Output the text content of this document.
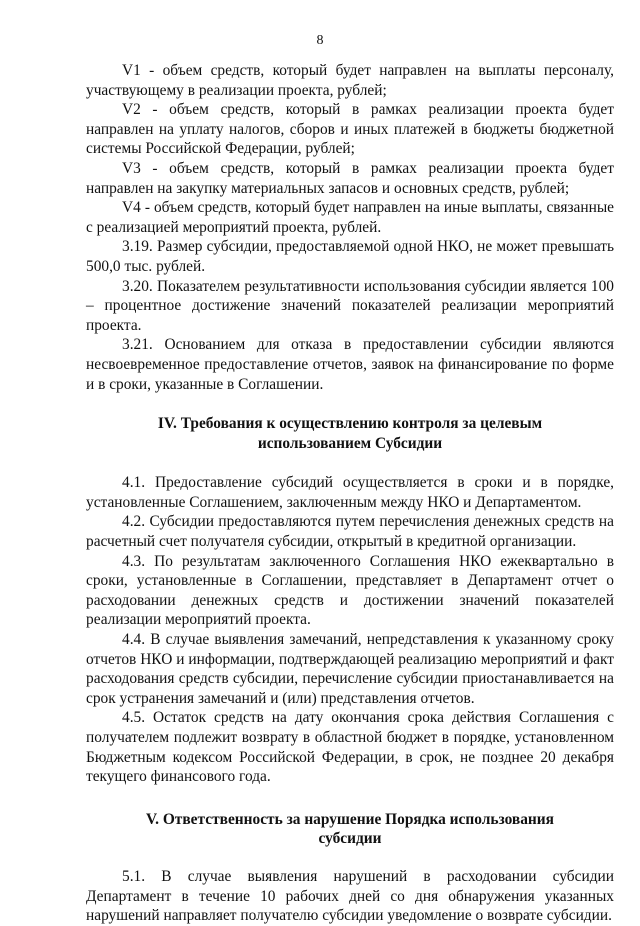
8

V1 - объем средств, который будет направлен на выплаты персоналу, участвующему в реализации проекта, рублей;

V2 - объем средств, который в рамках реализации проекта будет направлен на уплату налогов, сборов и иных платежей в бюджеты бюджетной системы Российской Федерации, рублей;

V3 - объем средств, который в рамках реализации проекта будет направлен на закупку материальных запасов и основных средств, рублей;

V4 - объем средств, который будет направлен на иные выплаты, связанные с реализацией мероприятий проекта, рублей.

3.19. Размер субсидии, предоставляемой одной НКО, не может превышать 500,0 тыс. рублей.

3.20. Показателем результативности использования субсидии является 100 – процентное достижение значений показателей реализации мероприятий проекта.

3.21. Основанием для отказа в предоставлении субсидии являются несвоевременное предоставление отчетов, заявок на финансирование по форме и в сроки, указанные в Соглашении.

IV. Требования к осуществлению контроля за целевым использованием Субсидии

4.1. Предоставление субсидий осуществляется в сроки и в порядке, установленные Соглашением, заключенным между НКО и Департаментом.

4.2. Субсидии предоставляются путем перечисления денежных средств на расчетный счет получателя субсидии, открытый в кредитной организации.

4.3. По результатам заключенного Соглашения НКО ежеквартально в сроки, установленные в Соглашении, представляет в Департамент отчет о расходовании денежных средств и достижении значений показателей реализации мероприятий проекта.

4.4. В случае выявления замечаний, непредставления к указанному сроку отчетов НКО и информации, подтверждающей реализацию мероприятий и факт расходования средств субсидии, перечисление субсидии приостанавливается на срок устранения замечаний и (или) представления отчетов.

4.5. Остаток средств на дату окончания срока действия Соглашения с получателем подлежит возврату в областной бюджет в порядке, установленном Бюджетным кодексом Российской Федерации, в срок, не позднее 20 декабря текущего финансового года.

V. Ответственность за нарушение Порядка использования субсидии

5.1. В случае выявления нарушений в расходовании субсидии Департамент в течение 10 рабочих дней со дня обнаружения указанных нарушений направляет получателю субсидии уведомление о возврате субсидии.
